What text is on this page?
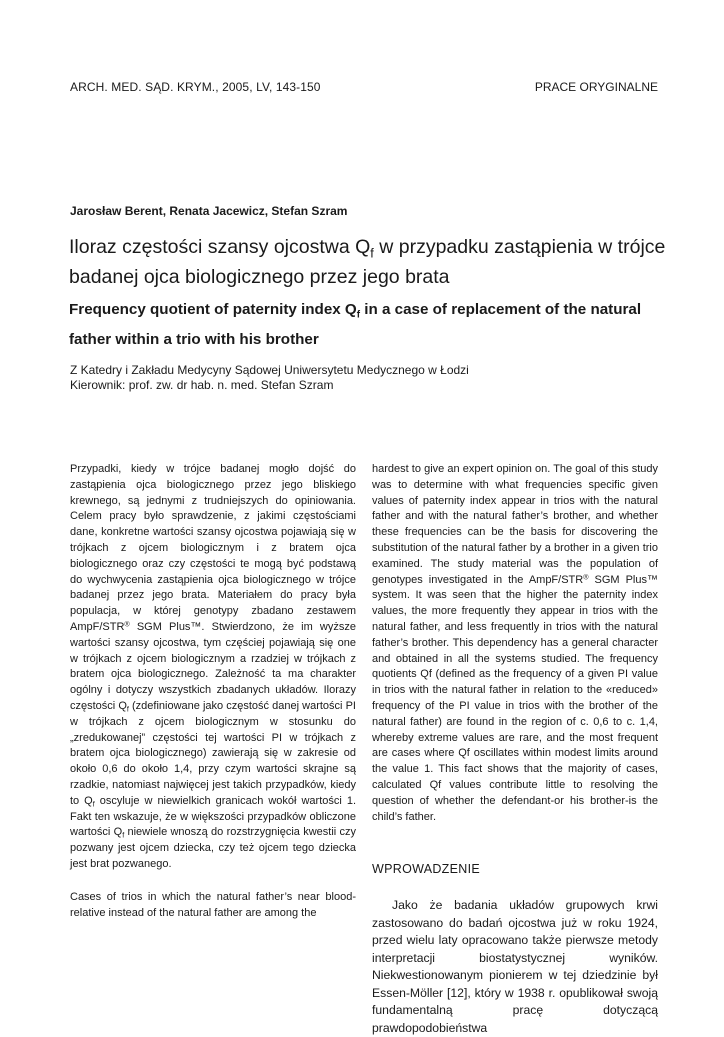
ARCH. MED. SĄD. KRYM., 2005, LV, 143-150	PRACE ORYGINALNE
Jarosław Berent, Renata Jacewicz, Stefan Szram
Iloraz częstości szansy ojcostwa $Q_f$ w przypadku zastąpienia w trójce badanej ojca biologicznego przez jego brata
Frequency quotient of paternity index $Q_f$ in a case of replacement of the natural father within a trio with his brother
Z Katedry i Zakładu Medycyny Sądowej Uniwersytetu Medycznego w Łodzi
Kierownik: prof. zw. dr hab. n. med. Stefan Szram

Przypadki, kiedy w trójce badanej mogło dojść do zastąpienia ojca biologicznego przez jego bliskiego krewnego, są jednymi z trudniejszych do opiniowania. Celem pracy było sprawdzenie, z jakimi częstościami dane, konkretne wartości szansy ojcostwa pojawiają się w trójkach z ojcem biologicznym i z bratem ojca biologicznego oraz czy częstości te mogą być podstawą do wychwycenia zastąpienia ojca biologicznego w trójce badanej przez jego brata. Materiałem do pracy była populacja, w której genotypy zbadano zestawem AmpF/STR® SGM Plus™. Stwierdzono, że im wyższe wartości szansy ojcostwa, tym częściej pojawiają się one w trójkach z ojcem biologicznym a rzadziej w trójkach z bratem ojca biologicznego. Zależność ta ma charakter ogólny i dotyczy wszystkich zbadanych układów. Ilorazy częstości $Q_f$ (zdefiniowane jako częstość danej wartości PI w trójkach z ojcem biologicznym w stosunku do „zredukowanej” częstości tej wartości PI w trójkach z bratem ojca biologicznego) zawierają się w zakresie od około 0,6 do około 1,4, przy czym wartości skrajne są rzadkie, natomiast najwięcej jest takich przypadków, kiedy to $Q_f$ oscyluje w niewielkich granicach wokół wartości 1. Fakt ten wskazuje, że w większości przypadków obliczone wartości $Q_f$ niewiele wnoszą do rozstrzygnięcia kwestii czy pozwany jest ojcem dziecka, czy też ojcem tego dziecka jest brat pozwanego.

Cases of trios in which the natural father’s near blood-relative instead of the natural father are among the

hardest to give an expert opinion on. The goal of this study was to determine with what frequencies specific given values of paternity index appear in trios with the natural father and with the natural father’s brother, and whether these frequencies can be the basis for discovering the substitution of the natural father by a brother in a given trio examined. The study material was the population of genotypes investigated in the AmpF/STR® SGM Plus™ system. It was seen that the higher the paternity index values, the more frequently they appear in trios with the natural father, and less frequently in trios with the natural father’s brother. This dependency has a general character and obtained in all the systems studied. The frequency quotients Qf (defined as the frequency of a given PI value in trios with the natural father in relation to the «reduced» frequency of the PI value in trios with the brother of the natural father) are found in the region of c. 0,6 to c. 1,4, whereby extreme values are rare, and the most frequent are cases where Qf oscillates within modest limits around the value 1. This fact shows that the majority of cases, calculated Qf values contribute little to resolving the question of whether the defendant-or his brother-is the child’s father.

WPROWADZENIE

Jako że badania układów grupowych krwi zastosowano do badań ojcostwa już w roku 1924, przed wielu laty opracowano także pierwsze metody interpretacji biostatystycznej wyników. Niekwestionowanym pionierem w tej dziedzinie był Essen-Möller [12], który w 1938 r. opublikował swoją fundamentalną pracę dotyczącą prawdopodobieństwa
